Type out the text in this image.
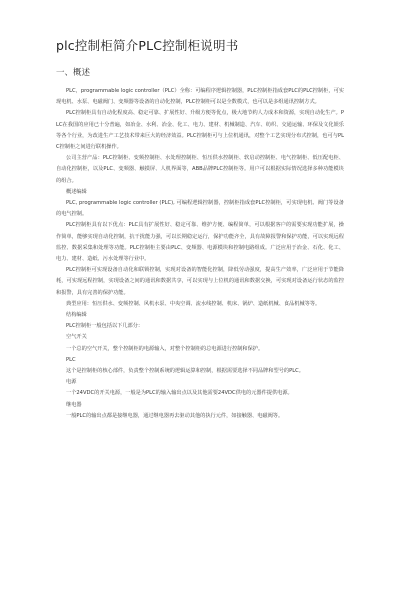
plc控制柜简介PLC控制柜说明书
一、概述

PLC，programmable logic controller（PLC）全称：可编程序逻辑控制器，PLC控制柜指成套PLC的PLC控制柜，可实现电机、水泵、电磁阀门、变频器等设备的自动化控制，PLC控制柜可以是全数模式，也可以是多组通讯控制方式。

PLC控制柜具有自动化程度高、稳定可靠、扩展性好、升级方便等优点，极大地节约人力成本和资源，实现自动化生产。PLC在我国的应用已十分普遍，如冶金、水利、冶金、化工、电力、建材、机械制造、汽车、纺织、交通运输、环保及文化娱乐等各个行业，为改进生产工艺技术带来巨大的经济效益。PLC控制柜可与上位机通讯，对整个工艺实现分布式控制，也可与PLC控制柜之间进行联机操作。

公司主营产品：PLC控制柜、变频控制柜、水处理控制柜、恒压供水控制柜、软启动控制柜、电气控制柜、低压配电柜、自动化控制柜，以及PLC、变频器、触摸屏、人机界面等，ABB品牌PLC控制柜等。用户可以根据实际情况选择多种功能模块的组合。

概述编辑

PLC, programmable logic controller (PLC), 可编程逻辑控制器，控制柜指成套PLC控制柜，可实现电机、阀门等设备的电气控制。

PLC控制柜具有以下优点：PLC具有扩展性好、稳定可靠、维护方便、编程简单，可以根据客户的需要实现功能扩展，操作简单，能够实现自动化控制，抗干扰能力强，可以长期稳定运行，保护功能齐全，具有故障报警和保护功能，可以实现远程监控、数据采集和处理等功能。PLC控制柜主要由PLC、变频器、电源模块和控制电路组成。广泛应用于冶金、石化、化工、电力、建材、造纸、污水处理等行业中。

PLC控制柜可实现设备自动化和联锁控制，实现对设备的智能化控制，降低劳动强度，提高生产效率，广泛应用于节能降耗，可实现远程控制，实现设备之间的通讯和数据共享，可以实现与上位机的通讯和数据交换，可实现对设备运行状态的监控和报警，具有完善的保护功能。

典型应用：恒压供水、变频控制、风机水泵、中央空调、流水线控制、机床、锅炉、造纸机械、食品机械等等。

结构编辑

PLC控制柜一般包括以下几部分：

空气开关

一个总的空气开关，整个控制柜的电源输入，对整个控制柜的总电源进行控制和保护。

PLC

这个是控制柜的核心部件，负责整个控制系统的逻辑运算和控制，根据需要选择不同品牌和型号的PLC。

电源

一个24VDC的开关电源，一般是为PLC的输入输出点以及其他需要24VDC供电的元器件提供电源。

继电器

一般PLC的输出点都是接继电器，通过继电器再去驱动其他的执行元件，如接触器、电磁阀等。
